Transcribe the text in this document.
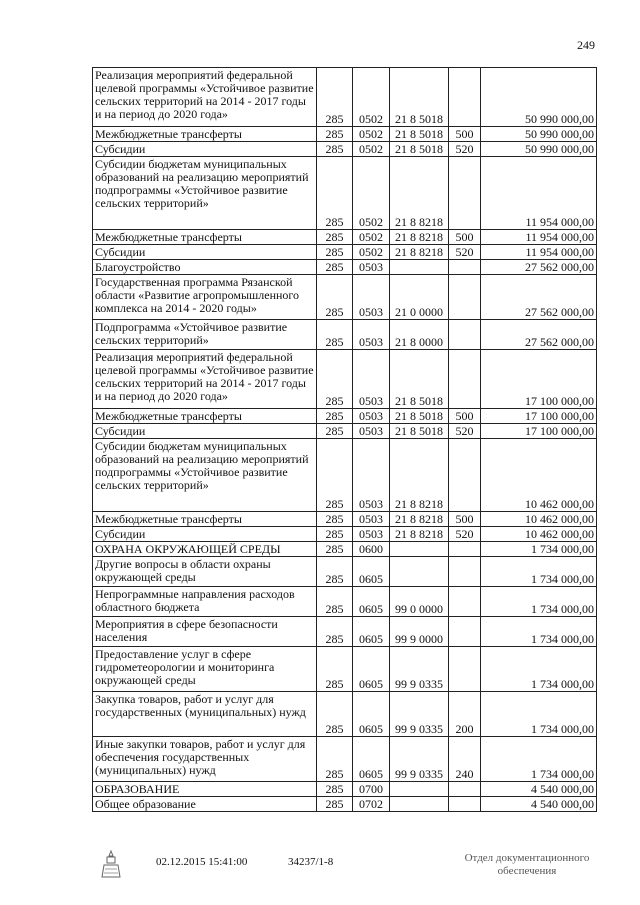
249
Реализация мероприятий федеральной целевой программы «Устойчивое развитие сельских территорий на 2014 - 2017 годы и на период до 2020 года»	285	0502	21 8 5018		50 990 000,00
Межбюджетные трансферты	285	0502	21 8 5018	500	50 990 000,00
Субсидии	285	0502	21 8 5018	520	50 990 000,00
Субсидии бюджетам муниципальных образований на реализацию мероприятий подпрограммы «Устойчивое развитие сельских территорий»	285	0502	21 8 8218		11 954 000,00
Межбюджетные трансферты	285	0502	21 8 8218	500	11 954 000,00
Субсидии	285	0502	21 8 8218	520	11 954 000,00
Благоустройство	285	0503			27 562 000,00
Государственная программа Рязанской области «Развитие агропромышленного комплекса на 2014 - 2020 годы»	285	0503	21 0 0000		27 562 000,00
Подпрограмма «Устойчивое развитие сельских территорий»	285	0503	21 8 0000		27 562 000,00
Реализация мероприятий федеральной целевой программы «Устойчивое развитие сельских территорий на 2014 - 2017 годы и на период до 2020 года»	285	0503	21 8 5018		17 100 000,00
Межбюджетные трансферты	285	0503	21 8 5018	500	17 100 000,00
Субсидии	285	0503	21 8 5018	520	17 100 000,00
Субсидии бюджетам муниципальных образований на реализацию мероприятий подпрограммы «Устойчивое развитие сельских территорий»	285	0503	21 8 8218		10 462 000,00
Межбюджетные трансферты	285	0503	21 8 8218	500	10 462 000,00
Субсидии	285	0503	21 8 8218	520	10 462 000,00
ОХРАНА ОКРУЖАЮЩЕЙ СРЕДЫ	285	0600			1 734 000,00
Другие вопросы в области охраны окружающей среды	285	0605			1 734 000,00
Непрограммные направления расходов областного бюджета	285	0605	99 0 0000		1 734 000,00
Мероприятия в сфере безопасности населения	285	0605	99 9 0000		1 734 000,00
Предоставление услуг в сфере гидрометеорологии и мониторинга окружающей среды	285	0605	99 9 0335		1 734 000,00
Закупка товаров, работ и услуг для государственных (муниципальных) нужд	285	0605	99 9 0335	200	1 734 000,00
Иные закупки товаров, работ и услуг для обеспечения государственных (муниципальных) нужд	285	0605	99 9 0335	240	1 734 000,00
ОБРАЗОВАНИЕ	285	0700			4 540 000,00
Общее образование	285	0702			4 540 000,00
02.12.2015 15:41:00	34237/1-8	Отдел документационного обеспечения
